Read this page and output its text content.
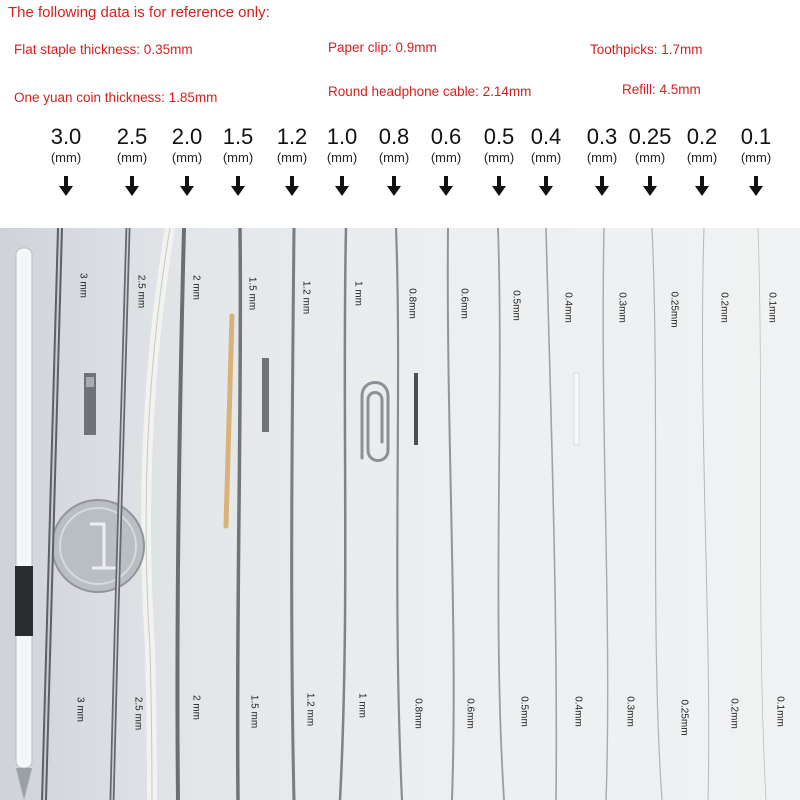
The following data is for reference only:
Flat staple thickness: 0.35mm	Paper clip: 0.9mm	Toothpicks: 1.7mm
One yuan coin thickness: 1.85mm	Round headphone cable: 2.14mm	Refill: 4.5mm
3.0
(mm)
2.5
(mm)
2.0
(mm)
1.5
(mm)
1.2
(mm)
1.0
(mm)
0.8
(mm)
0.6
(mm)
0.5
(mm)
0.4
(mm)
0.3
(mm)
0.25
(mm)
0.2
(mm)
0.1
(mm)
3 mm	2.5 mm	2 mm	1.5 mm	1.2 mm	1 mm	0.8mm	0.6mm	0.5mm	0.4mm	0.3mm	0.25mm	0.2mm	0.1mm
3 mm	2.5 mm	2 mm	1.5 mm	1.2 mm	1 mm	0.8mm	0.6mm	0.5mm	0.4mm	0.3mm	0.25mm	0.2mm	0.1mm
